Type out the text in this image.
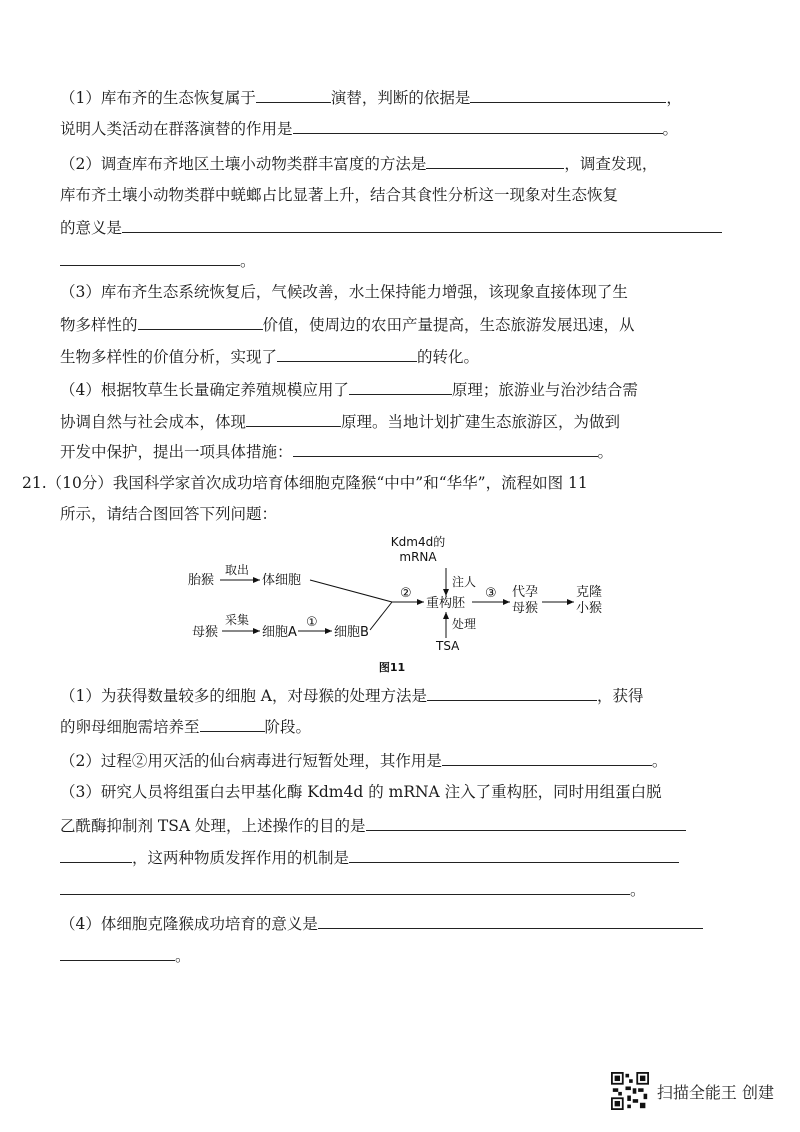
（1）库布齐的生态恢复属于	演替，判断的依据是	，
说明人类活动在群落演替的作用是	。
（2）调查库布齐地区土壤小动物类群丰富度的方法是	，调查发现，
库布齐土壤小动物类群中蜣螂占比显著上升，结合其食性分析这一现象对生态恢复
的意义是
。
（3）库布齐生态系统恢复后，气候改善，水土保持能力增强，该现象直接体现了生
物多样性的	价值，使周边的农田产量提高，生态旅游发展迅速，从
生物多样性的价值分析，实现了	的转化。
（4）根据牧草生长量确定养殖规模应用了	原理；旅游业与治沙结合需
协调自然与社会成本，体现	原理。当地计划扩建生态旅游区，为做到
开发中保护，提出一项具体措施：	。
21.（10分）我国科学家首次成功培育体细胞克隆猴“中中”和“华华”，流程如图 11
所示，请结合图回答下列问题：
Kdm4d的
mRNA
注人
胎猴
取出
体细胞
母猴
采集
细胞A
①
细胞B
②
重构胚
处理
TSA
③ 代孕
母猴
克隆
小猴
图11
（1）为获得数量较多的细胞 A，对母猴的处理方法是	，获得
的卵母细胞需培养至	阶段。
（2）过程②用灭活的仙台病毒进行短暂处理，其作用是	。
（3）研究人员将组蛋白去甲基化酶 Kdm4d 的 mRNA 注入了重构胚，同时用组蛋白脱
乙酰酶抑制剂 TSA 处理，上述操作的目的是
，这两种物质发挥作用的机制是
。
（4）体细胞克隆猴成功培育的意义是
。
扫描全能王 创建
